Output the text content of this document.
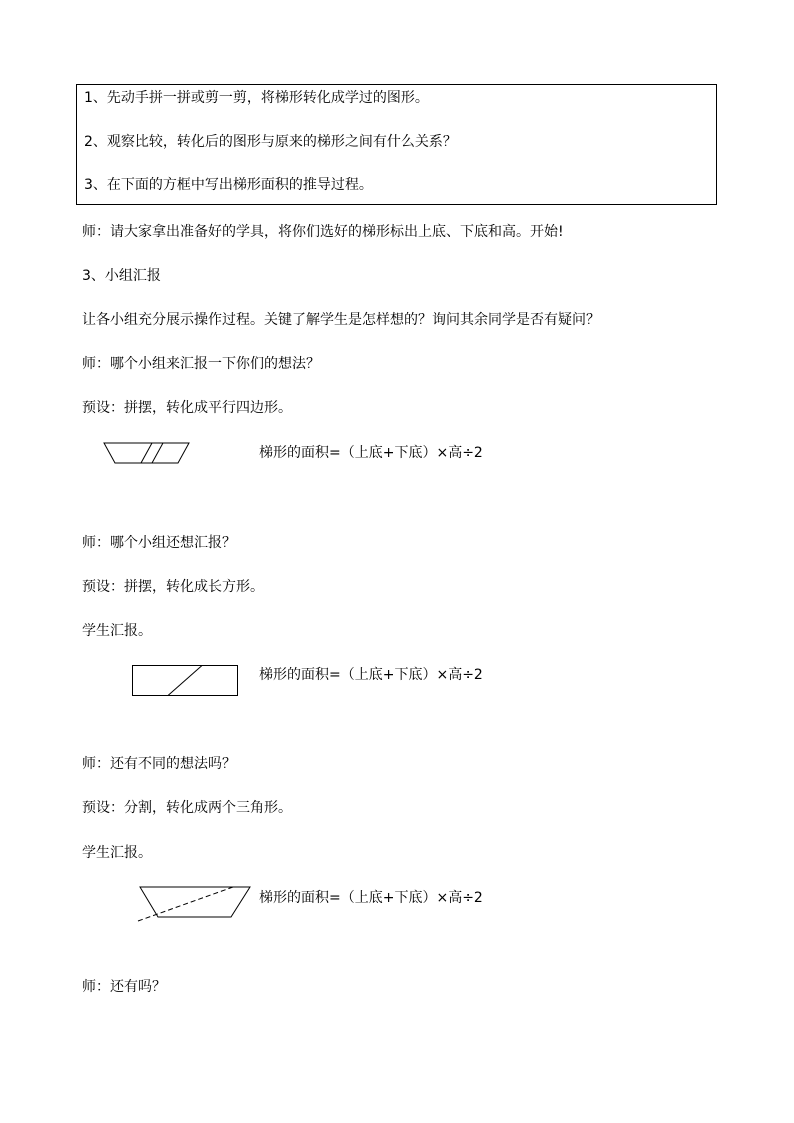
1、先动手拼一拼或剪一剪，将梯形转化成学过的图形。
2、观察比较，转化后的图形与原来的梯形之间有什么关系？
3、在下面的方框中写出梯形面积的推导过程。
师：请大家拿出准备好的学具，将你们选好的梯形标出上底、下底和高。开始!
3、小组汇报
让各小组充分展示操作过程。关键了解学生是怎样想的？询问其余同学是否有疑问？
师：哪个小组来汇报一下你们的想法？
预设：拼摆，转化成平行四边形。
梯形的面积=（上底+下底）×高÷2
师：哪个小组还想汇报？
预设：拼摆，转化成长方形。
学生汇报。
梯形的面积=（上底+下底）×高÷2
师：还有不同的想法吗？
预设：分割，转化成两个三角形。
学生汇报。
梯形的面积=（上底+下底）×高÷2
师：还有吗？
